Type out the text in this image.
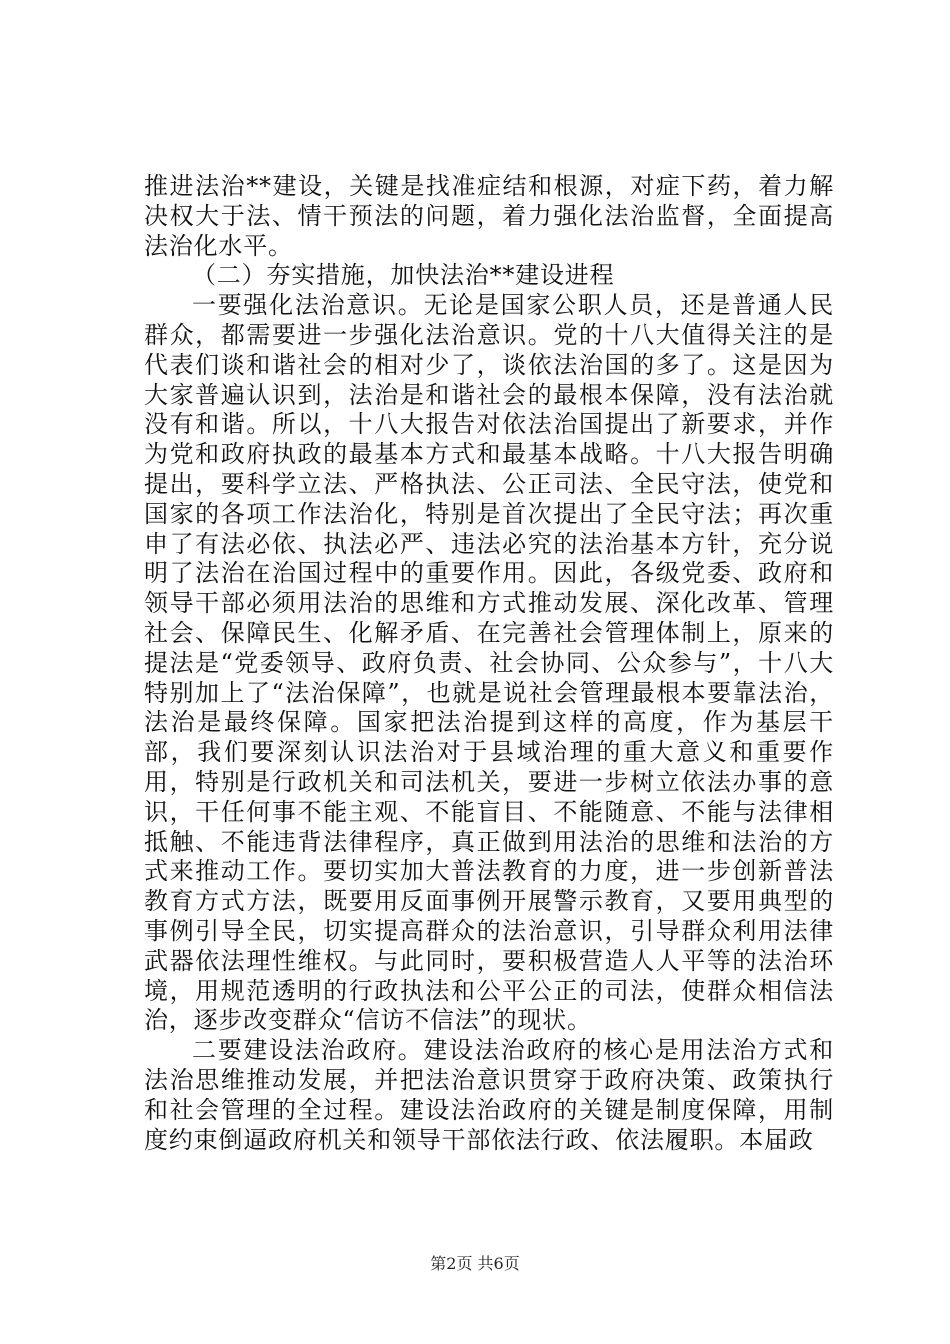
推进法治**建设，关键是找准症结和根源，对症下药，着力解决权大于法、情干预法的问题，着力强化法治监督，全面提高法治化水平。

（二）夯实措施，加快法治**建设进程

一要强化法治意识。无论是国家公职人员，还是普通人民群众，都需要进一步强化法治意识。党的十八大值得关注的是代表们谈和谐社会的相对少了，谈依法治国的多了。这是因为大家普遍认识到，法治是和谐社会的最根本保障，没有法治就没有和谐。所以，十八大报告对依法治国提出了新要求，并作为党和政府执政的最基本方式和最基本战略。十八大报告明确提出，要科学立法、严格执法、公正司法、全民守法，使党和国家的各项工作法治化，特别是首次提出了全民守法；再次重申了有法必依、执法必严、违法必究的法治基本方针，充分说明了法治在治国过程中的重要作用。因此，各级党委、政府和领导干部必须用法治的思维和方式推动发展、深化改革、管理社会、保障民生、化解矛盾、在完善社会管理体制上，原来的提法是“党委领导、政府负责、社会协同、公众参与”，十八大特别加上了“法治保障”，也就是说社会管理最根本要靠法治，法治是最终保障。国家把法治提到这样的高度，作为基层干部，我们要深刻认识法治对于县域治理的重大意义和重要作用，特别是行政机关和司法机关，要进一步树立依法办事的意识，干任何事不能主观、不能盲目、不能随意、不能与法律相抵触、不能违背法律程序，真正做到用法治的思维和法治的方式来推动工作。要切实加大普法教育的力度，进一步创新普法教育方式方法，既要用反面事例开展警示教育，又要用典型的事例引导全民，切实提高群众的法治意识，引导群众利用法律武器依法理性维权。与此同时，要积极营造人人平等的法治环境，用规范透明的行政执法和公平公正的司法，使群众相信法治，逐步改变群众“信访不信法”的现状。

二要建设法治政府。建设法治政府的核心是用法治方式和法治思维推动发展，并把法治意识贯穿于政府决策、政策执行和社会管理的全过程。建设法治政府的关键是制度保障，用制度约束倒逼政府机关和领导干部依法行政、依法履职。本届政

第2页 共6页
